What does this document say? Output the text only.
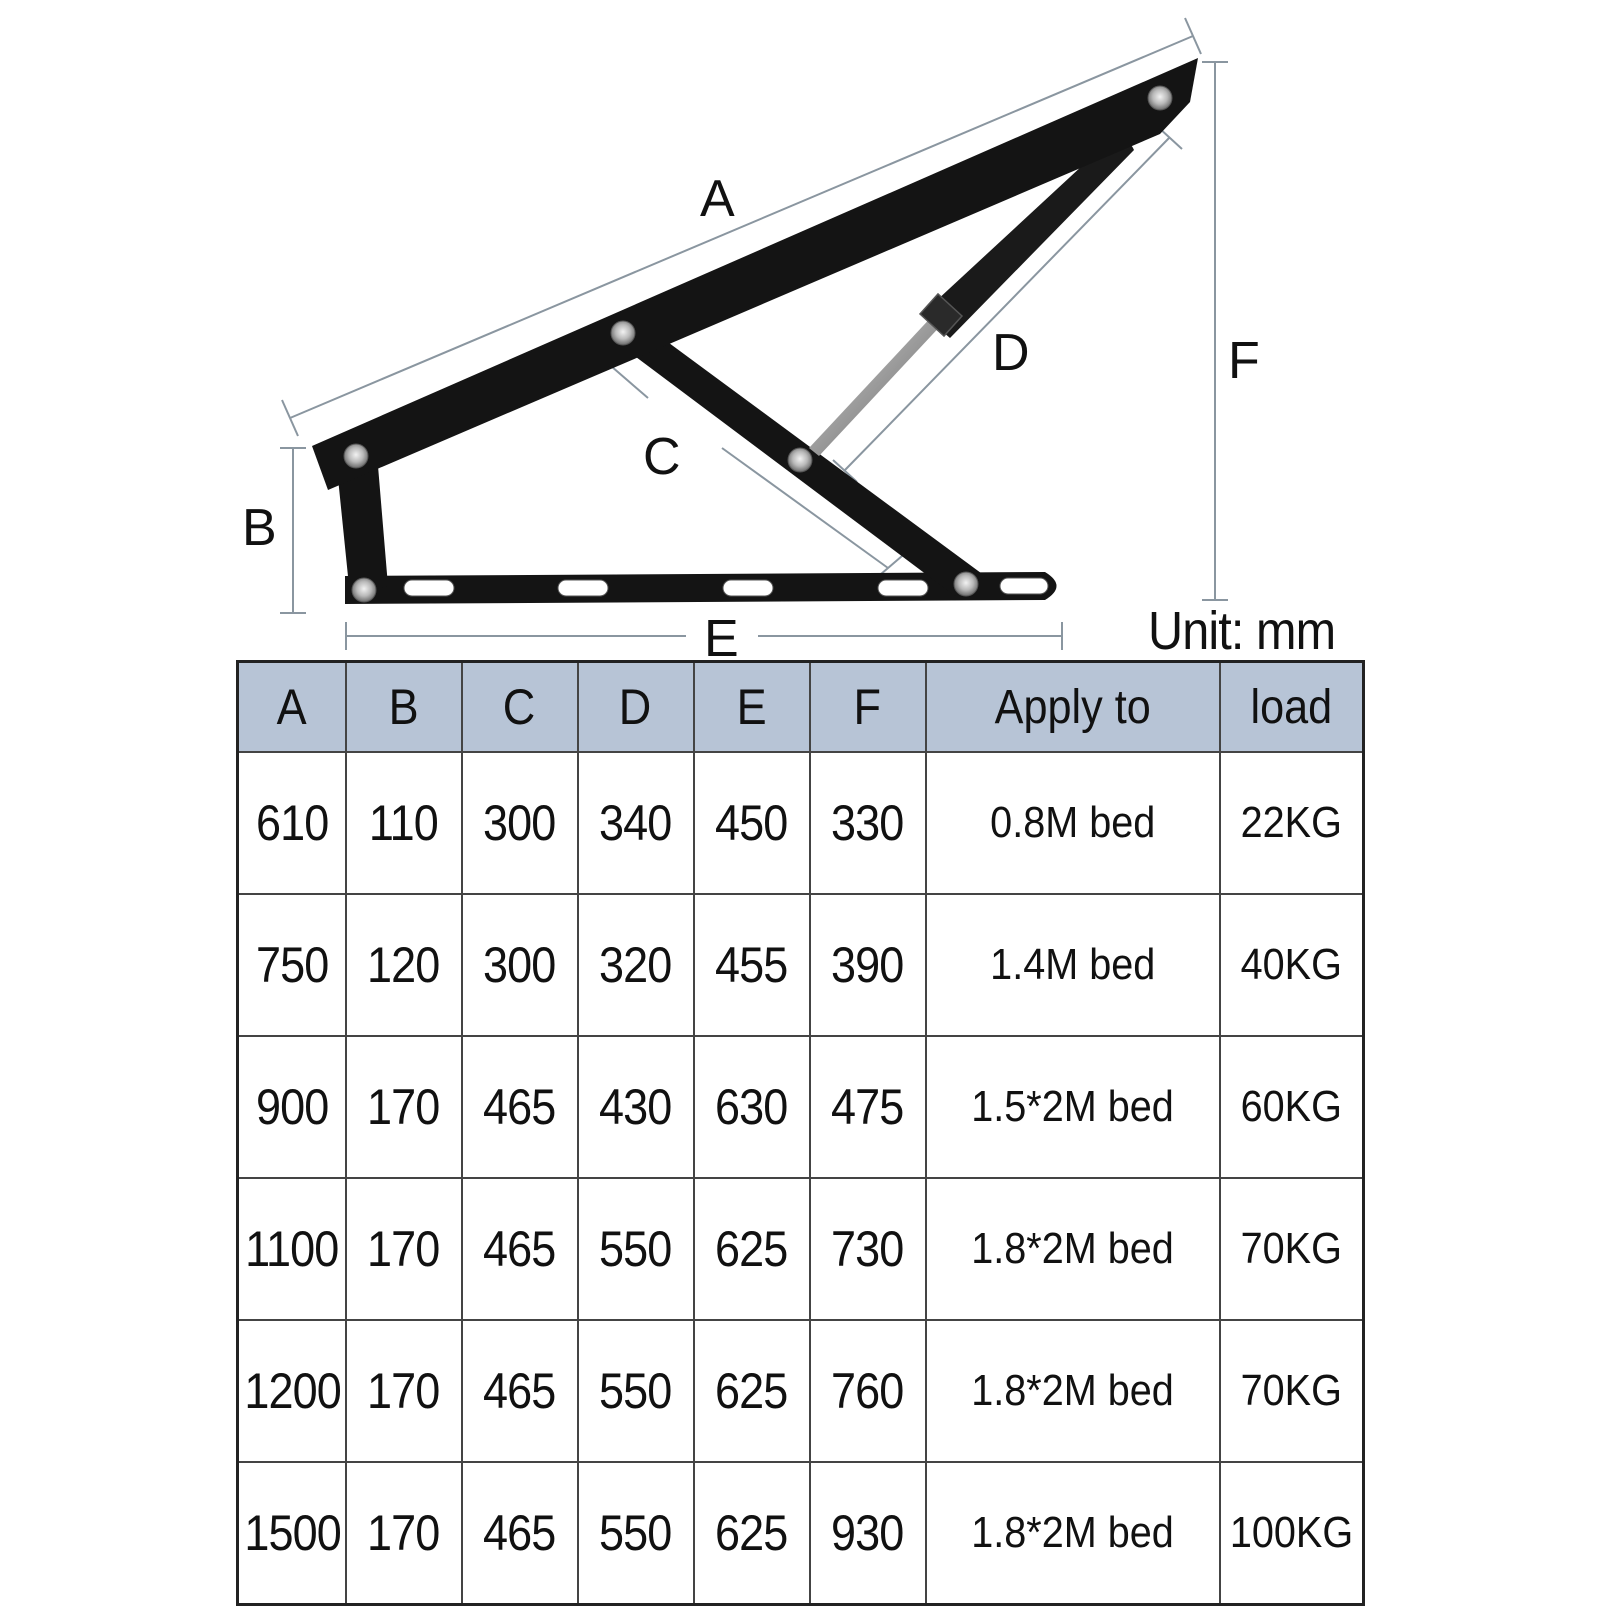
A
B
C
D
E
F
Unit: mm
A	B	C	D	E	F	Apply to	load
610	110	300	340	450	330	0.8M bed	22KG
750	120	300	320	455	390	1.4M bed	40KG
900	170	465	430	630	475	1.5*2M bed	60KG
1100	170	465	550	625	730	1.8*2M bed	70KG
1200	170	465	550	625	760	1.8*2M bed	70KG
1500	170	465	550	625	930	1.8*2M bed	100KG
